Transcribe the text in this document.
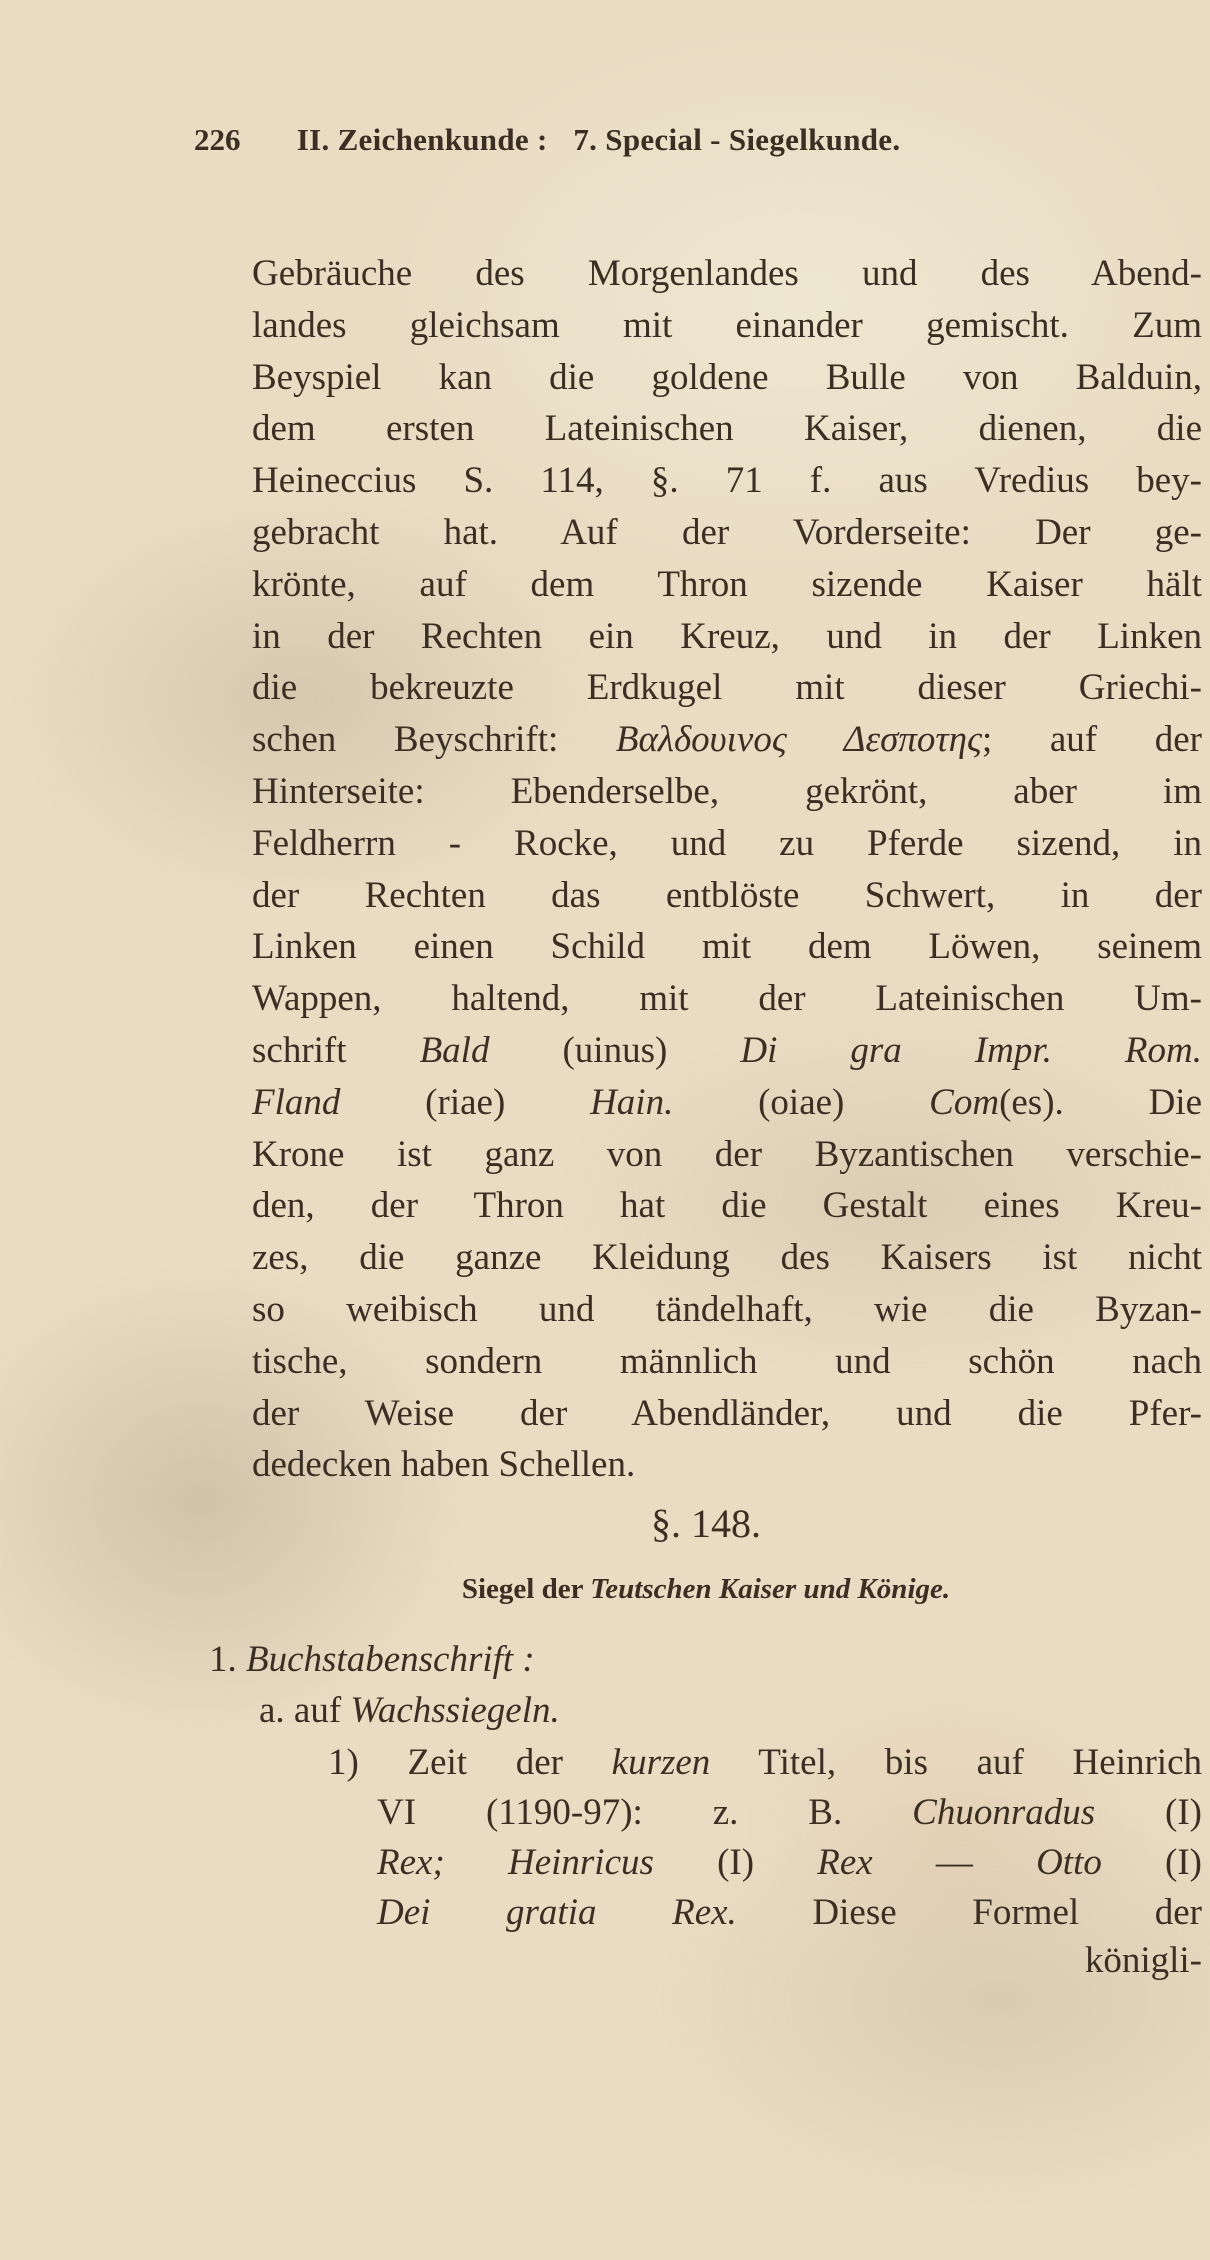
226 II. Zeichenkunde : 7. Special - Siegelkunde.
Gebräuche des Morgenlandes und des Abend-
landes gleichsam mit einander gemischt. Zum
Beyspiel kan die goldene Bulle von Balduin,
dem ersten Lateinischen Kaiser, dienen, die
Heineccius S. 114, §. 71 f. aus Vredius bey-
gebracht hat. Auf der Vorderseite: Der ge-
krönte, auf dem Thron sizende Kaiser hält
in der Rechten ein Kreuz, und in der Linken
die bekreuzte Erdkugel mit dieser Griechi-
schen Beyschrift: Βαλδουινος Δεσποτης; auf der
Hinterseite: Ebenderselbe, gekrönt, aber im
Feldherrn - Rocke, und zu Pferde sizend, in
der Rechten das entblöste Schwert, in der
Linken einen Schild mit dem Löwen, seinem
Wappen, haltend, mit der Lateinischen Um-
schrift Bald (uinus) Di gra Impr. Rom.
Fland (riae) Hain. (oiae) Com(es). Die
Krone ist ganz von der Byzantischen verschie-
den, der Thron hat die Gestalt eines Kreu-
zes, die ganze Kleidung des Kaisers ist nicht
so weibisch und tändelhaft, wie die Byzan-
tische, sondern männlich und schön nach
der Weise der Abendländer, und die Pfer-
dedecken haben Schellen.
§. 148.
Siegel der Teutschen Kaiser und Könige.
1. Buchstabenschrift :
a. auf Wachssiegeln.
1) Zeit der kurzen Titel, bis auf Heinrich
VI (1190-97): z. B. Chuonradus (I)
Rex; Heinricus (I) Rex — Otto (I)
Dei gratia Rex. Diese Formel der
königli-
